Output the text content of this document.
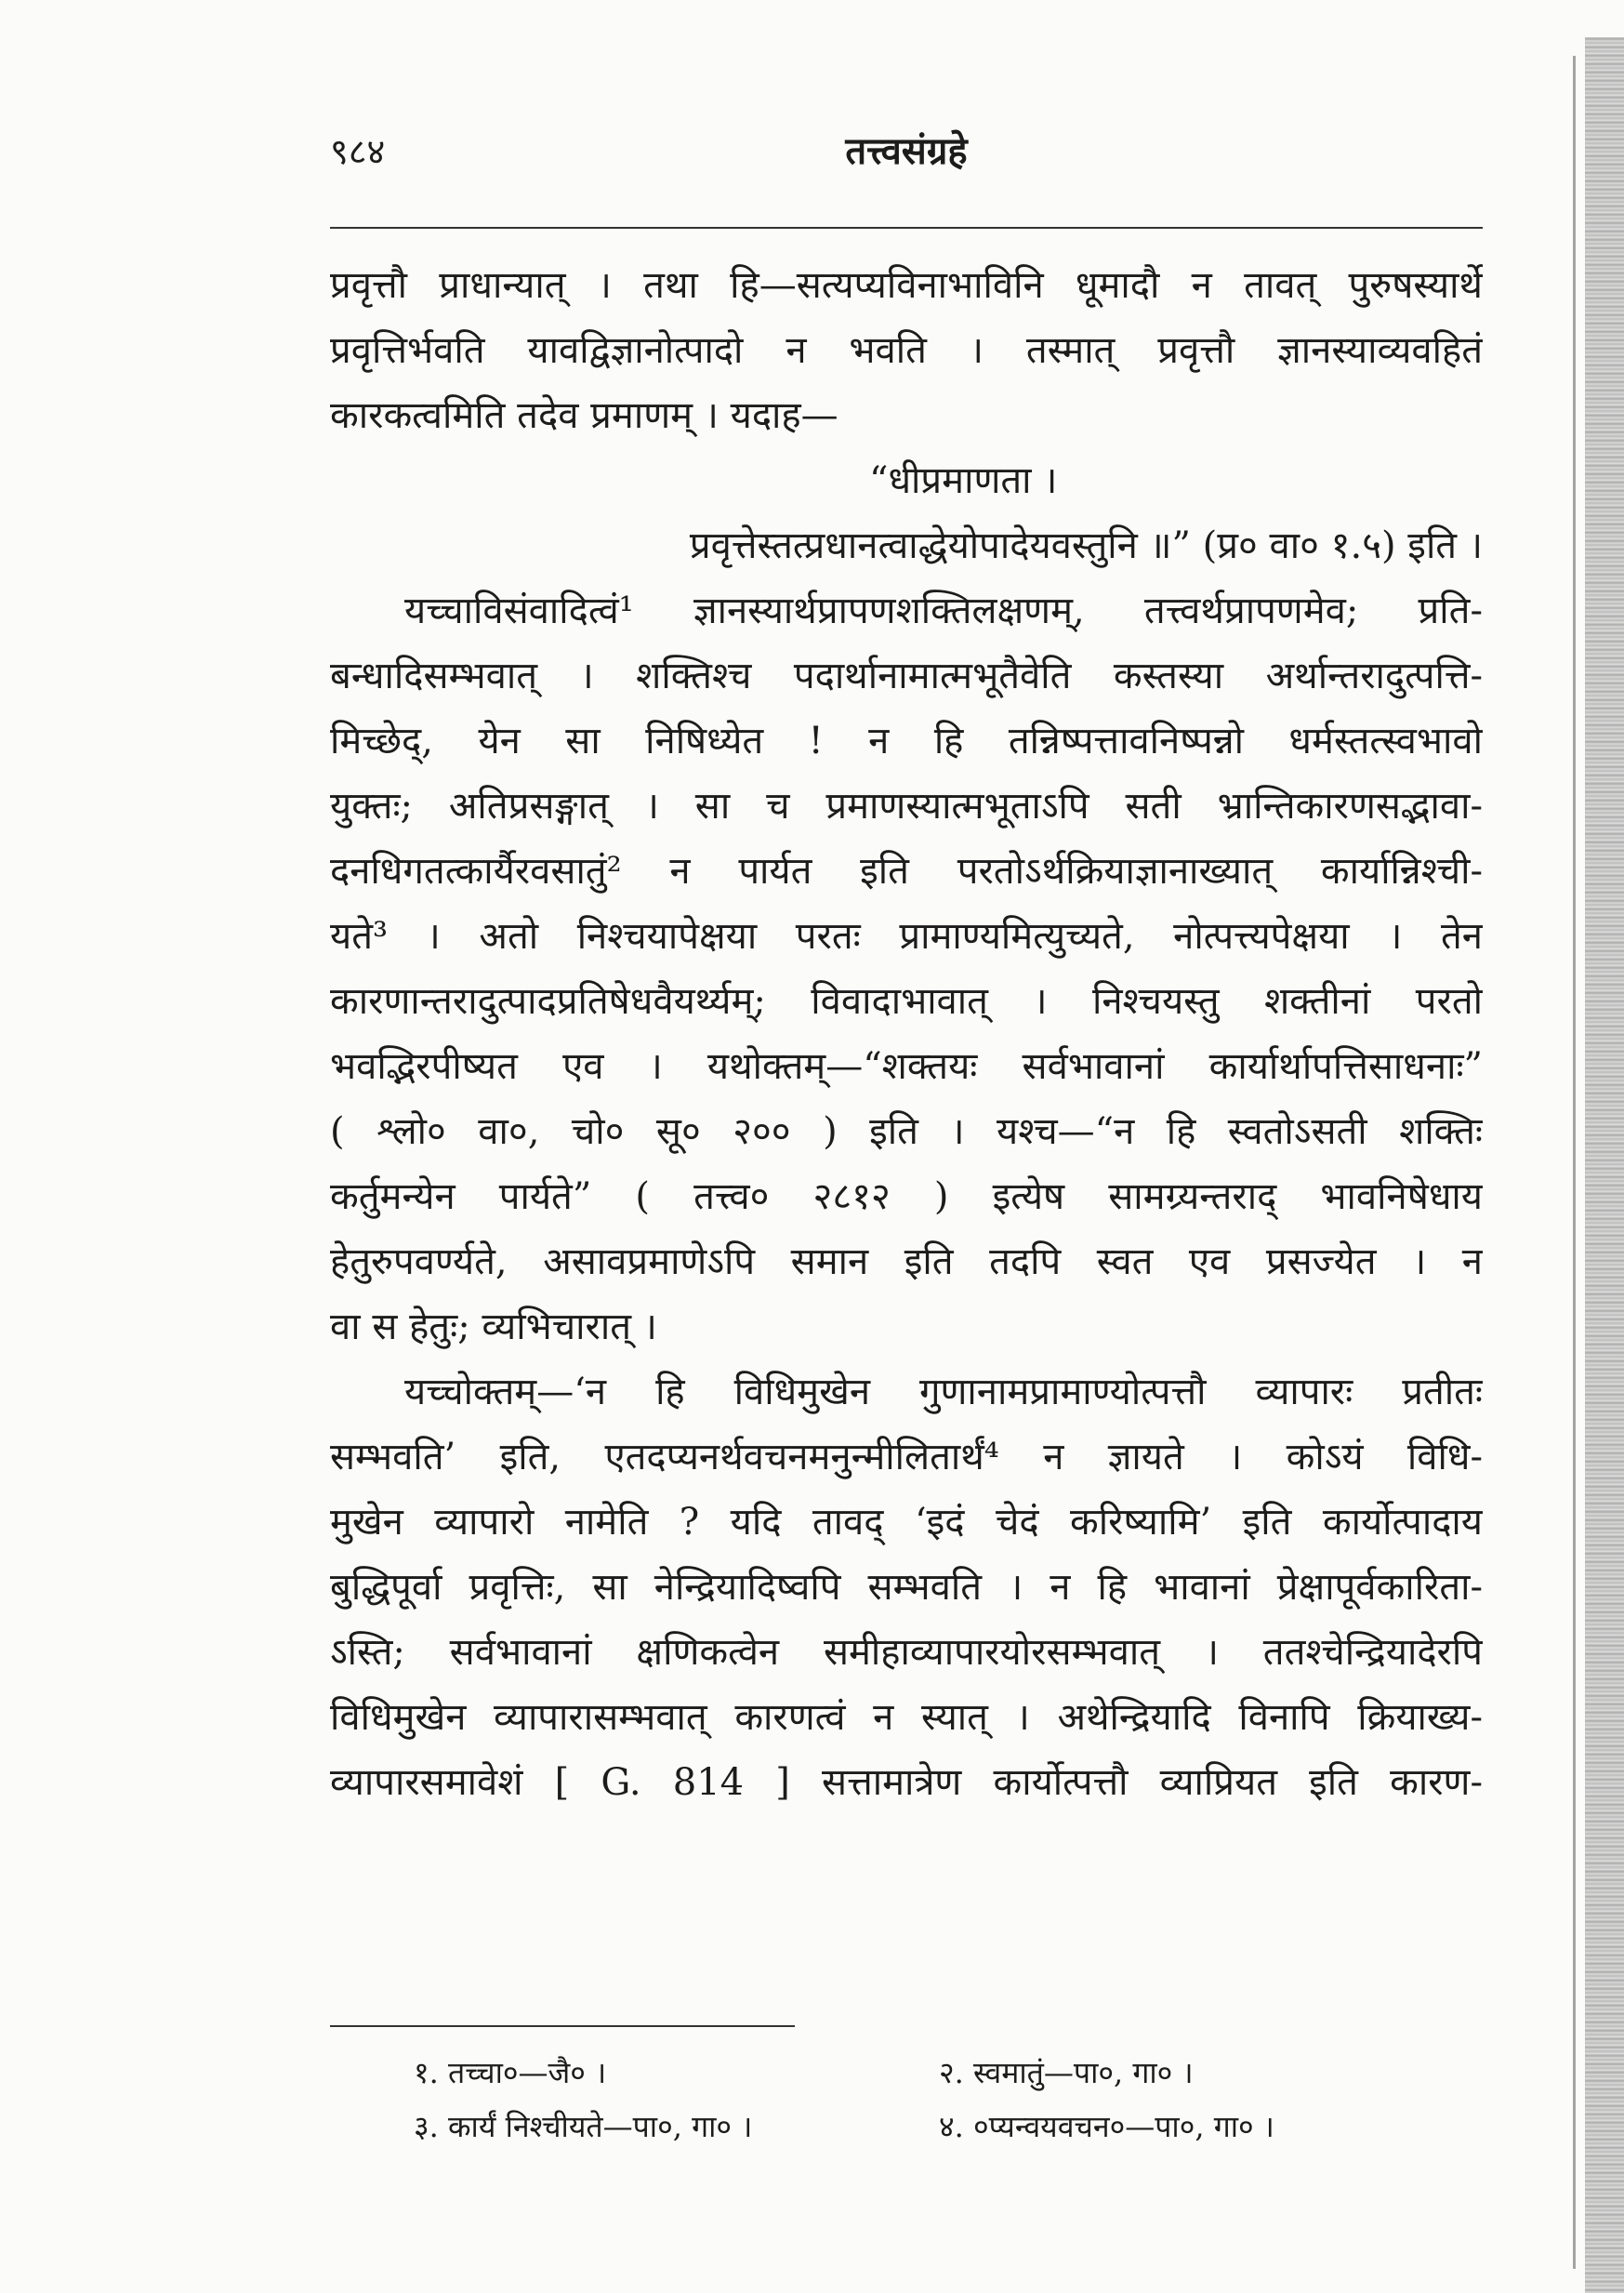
९८४	तत्त्वसंग्रहे
प्रवृत्तौ प्राधान्यात् । तथा हि—सत्यप्यविनाभाविनि धूमादौ न तावत् पुरुषस्यार्थे
प्रवृत्तिर्भवति यावद्विज्ञानोत्पादो न भवति । तस्मात् प्रवृत्तौ ज्ञानस्याव्यवहितं
कारकत्वमिति तदेव प्रमाणम् । यदाह—
“धीप्रमाणता ।
प्रवृत्तेस्तत्प्रधानत्वाद्धेयोपादेयवस्तुनि ॥” (प्र० वा० १.५) इति ।
यच्चाविसंवादित्वं¹ ज्ञानस्यार्थप्रापणशक्तिलक्षणम्, तत्त्वर्थप्रापणमेव; प्रति-
बन्धादिसम्भवात् । शक्तिश्च पदार्थानामात्मभूतैवेति कस्तस्या अर्थान्तरादुत्पत्ति-
मिच्छेद्, येन सा निषिध्येत ! न हि तन्निष्पत्तावनिष्पन्नो धर्मस्तत्स्वभावो
युक्तः; अतिप्रसङ्गात् । सा च प्रमाणस्यात्मभूताऽपि सती भ्रान्तिकारणसद्भावा-
दनधिगतत्कार्यैरवसातुं² न पार्यत इति परतोऽर्थक्रियाज्ञानाख्यात् कार्यान्निश्ची-
यते³ । अतो निश्चयापेक्षया परतः प्रामाण्यमित्युच्यते, नोत्पत्त्यपेक्षया । तेन
कारणान्तरादुत्पादप्रतिषेधवैयर्थ्यम्; विवादाभावात् । निश्चयस्तु शक्तीनां परतो
भवद्भिरपीष्यत एव । यथोक्तम्—“शक्तयः सर्वभावानां कार्यार्थापत्तिसाधनाः”
( श्लो० वा०, चो० सू० २०० ) इति । यश्च—“न हि स्वतोऽसती शक्तिः
कर्तुमन्येन पार्यते” ( तत्त्व० २८१२ ) इत्येष सामग्र्यन्तराद् भावनिषेधाय
हेतुरुपवर्ण्यते, असावप्रमाणेऽपि समान इति तदपि स्वत एव प्रसज्येत । न
वा स हेतुः; व्यभिचारात् ।
यच्चोक्तम्—‘न हि विधिमुखेन गुणानामप्रामाण्योत्पत्तौ व्यापारः प्रतीतः
सम्भवति’ इति, एतदप्यनर्थवचनमनुन्मीलितार्थं⁴ न ज्ञायते । कोऽयं विधि-
मुखेन व्यापारो नामेति ? यदि तावद् ‘इदं चेदं करिष्यामि’ इति कार्योत्पादाय
बुद्धिपूर्वा प्रवृत्तिः, सा नेन्द्रियादिष्वपि सम्भवति । न हि भावानां प्रेक्षापूर्वकारिता-
ऽस्ति; सर्वभावानां क्षणिकत्वेन समीहाव्यापारयोरसम्भवात् । ततश्चेन्द्रियादेरपि
विधिमुखेन व्यापारासम्भवात् कारणत्वं न स्यात् । अथेन्द्रियादि विनापि क्रियाख्य-
व्यापारसमावेशं [ G. 814 ] सत्तामात्रेण कार्योत्पत्तौ व्याप्रियत इति कारण-
१. तच्चा०—जै० ।	२. स्वमातुं—पा०, गा० ।
३. कार्यं निश्चीयते—पा०, गा० ।	४. ०प्यन्वयवचन०—पा०, गा० ।
